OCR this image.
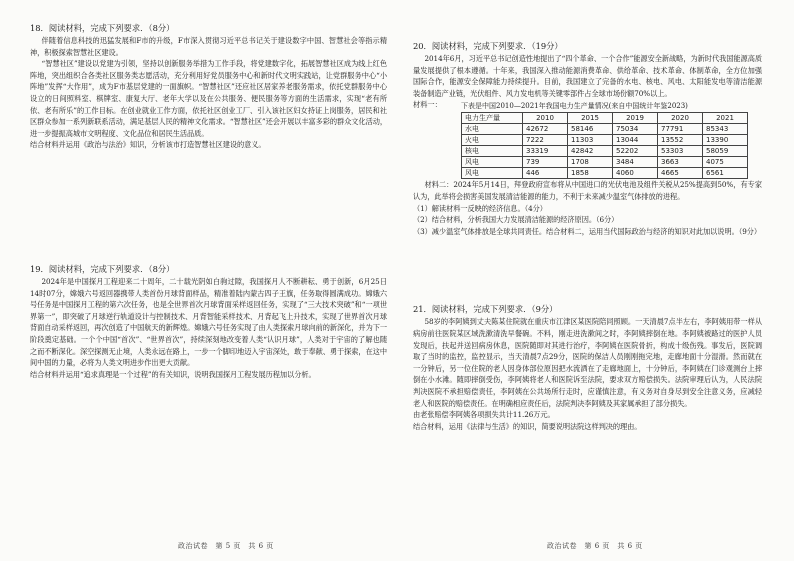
18．阅读材料，完成下列要求．（8分）

伴随着信息科技的迅猛发展和F市的升级，F市深入贯彻习近平总书记关于建设数字中国、智慧社会等指示精神，积极探索智慧社区建设。

“智慧社区”建设以党建为引领，坚持以创新服务举措为工作手段，将党建数字化，拓展智慧社区成为线上红色阵地，突出组织合各类社区服务类志愿活动，充分利用好党员服务中心和新时代文明实践站，让党群服务中心“小阵地”发挥“大作用”，成为F市基层党建的一面旗帜。“智慧社区”还应社区居家养老服务需求，依托党群服务中心设立的日间照料室、棋牌室、康复大厅、老年大学以及在公共服务、便民服务等方面的生活需求，实现“老有所依、老有所乐”的工作目标。在创业就业工作方面，依托社区创业工厂、引入该社区妇女持证上岗服务，居民和社区群众参加一系列新联系活动，满足基层人民的精神文化需求。“智慧社区”还会开展以丰富多彩的群众文化活动，进一步提振高城市文明程度、文化品位和居民生活品质。

结合材料并运用《政治与法治》知识，分析该市打造智慧社区建设的意义。

19．阅读材料，完成下列要求．（8分）

2024年是中国探月工程迎来二十周年，二十载光阴如白驹过隙，我国探月人不断耕耘、勇于创新，6月25日14时07分，嫦娥六号返回器携带人类首份月球背面样品，精准着陆内蒙古四子王旗，任务取得圆满成功。嫦娥六号任务是中国探月工程的第六次任务，也是全世界首次月球背面采样返回任务，实现了“三大技术突破”和“一项世界第一”，即突破了月球逆行轨道设计与控制技术、月背智能采样技术、月背起飞上升技术，实现了世界首次月球背面自动采样返回，再次创造了中国航天的新辉煌。嫦娥六号任务实现了由人类探索月球向前的新深化，并为下一阶段奠定基础。一个个中国“首次”、“世界首次”，持续深刻地改变着人类“认识月球”，人类对于宇宙的了解也随之而不断深化。深空探测无止境，人类永远在路上，一步一个脚印地迈入宇宙深处，敢于奉献、勇于探索，在这中间中国的力量，必将为人类文明进步作出更大贡献。

结合材料并运用“追求真理是一个过程”的有关知识，说明我国探月工程发展历程加以分析。

政治试卷　第 5 页　共 6 页

20．阅读材料，完成下列要求．（19分）

2014年6月，习近平总书记创造性地提出了“四个革命、一个合作”能源安全新战略，为新时代我国能源高质量发展提供了根本遵循。十年来，我国深入推动能源消费革命、供给革命、技术革命、体制革命，全方位加强国际合作，能源安全保障能力持续提升。目前，我国建立了完备的水电、核电、风电、太阳能发电等清洁能源装备制造产业链，光伏组件、风力发电机等关键零部件占全球市场份额70%以上。

材料一：	下表是中国2010—2021年我国电力生产量情况(来自中国统计年鉴2023)
电力生产量	2010	2015	2019	2020	2021
水电	42672	58146	75034	77791	85343
火电	7222	11303	13044	13552	13390
核电	33319	42842	52202	53303	58059
风电	739	1708	3484	3663	4075
风电	446	1858	4060	4665	6561

材料二：2024年5月14日，拜登政府宣布将从中国进口的光伏电池及组件关税从25%提高到50%，有专家认为，此举将会损害美国发展清洁能源的能力，不利于未来减少温室气体排放的进程。

（1）解读材料一反映的经济信息。（4分）

（2）结合材料，分析我国大力发展清洁能源的经济原因。（6分）

（3）减少温室气体排放是全球共同责任。结合材料二，运用当代国际政治与经济的知识对此加以说明。（9分）

21．阅读材料，完成下列要求．（9分）

58岁的李阿姨到丈夫陈某住院就在重庆市江津区某医院陪同照顾。一天清晨7点半左右，李阿姨用带一样从病房前往医院某区域洗漱清洗早餐碗。不料，刚走进洗漱间之时，李阿姨摔倒在地。李阿姨被路过的医护人员发现后，扶起并送回病房休息，医院随即对其进行治疗，李阿姨在医院骨折，构成十级伤残。事发后，医院调取了当时的监控，监控显示，当天清晨7点29分，医院的保洁人员刚刚拖完地，走廊地面十分湿滑。然而就在一分钟后，另一位住院的老人因身体部位原因把水流洒在了走廊地面上，十分钟后，李阿姨在门诊观测台上摔倒在小水滩。随即摔倒受伤，李阿姨将老人和医院诉至法院，要求双方赔偿损失。法院审理后认为，人民法院判决医院不承担赔偿责任，李阿姨在公共场所行走时，应谨慎注意，有义务对自身尽到安全注意义务，应减轻老人和医院的赔偿责任。在明确相应责任后，法院判决李阿姨及其家属承担了部分损失。

由老张赔偿李阿姨各项损失共计11.26万元。

结合材料，运用《法律与生活》的知识，简要说明法院这样判决的理由。

政治试卷　第 6 页　共 6 页
